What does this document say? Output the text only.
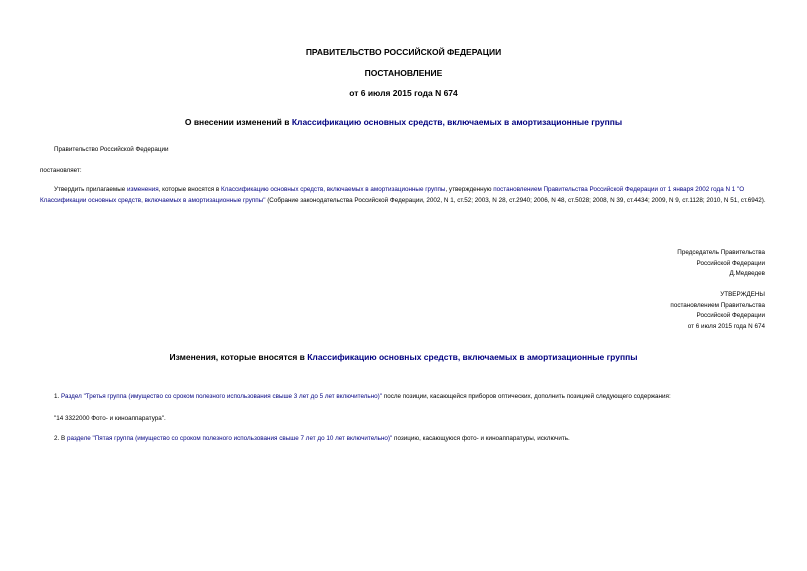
ПРАВИТЕЛЬСТВО РОССИЙСКОЙ ФЕДЕРАЦИИ
ПОСТАНОВЛЕНИЕ
от 6 июля 2015 года N 674
О внесении изменений в Классификацию основных средств, включаемых в амортизационные группы
Правительство Российской Федерации
постановляет:
Утвердить прилагаемые изменения, которые вносятся в Классификацию основных средств, включаемых в амортизационные группы, утвержденную постановлением Правительства Российской Федерации от 1 января 2002 года N 1 "О Классификации основных средств, включаемых в амортизационные группы" (Собрание законодательства Российской Федерации, 2002, N 1, ст.52; 2003, N 28, ст.2940; 2006, N 48, ст.5028; 2008, N 39, ст.4434; 2009, N 9, ст.1128; 2010, N 51, ст.6942).
Председатель Правительства
Российской Федерации
Д.Медведев
УТВЕРЖДЕНЫ
постановлением Правительства
Российской Федерации
от 6 июля 2015 года N 674
Изменения, которые вносятся в Классификацию основных средств, включаемых в амортизационные группы
1. Раздел "Третья группа (имущество со сроком полезного использования свыше 3 лет до 5 лет включительно)" после позиции, касающейся приборов оптических, дополнить позицией следующего содержания:
"14 3322000 Фото- и киноаппаратура".
2. В разделе "Пятая группа (имущество со сроком полезного использования свыше 7 лет до 10 лет включительно)" позицию, касающуюся фото- и киноаппаратуры, исключить.
